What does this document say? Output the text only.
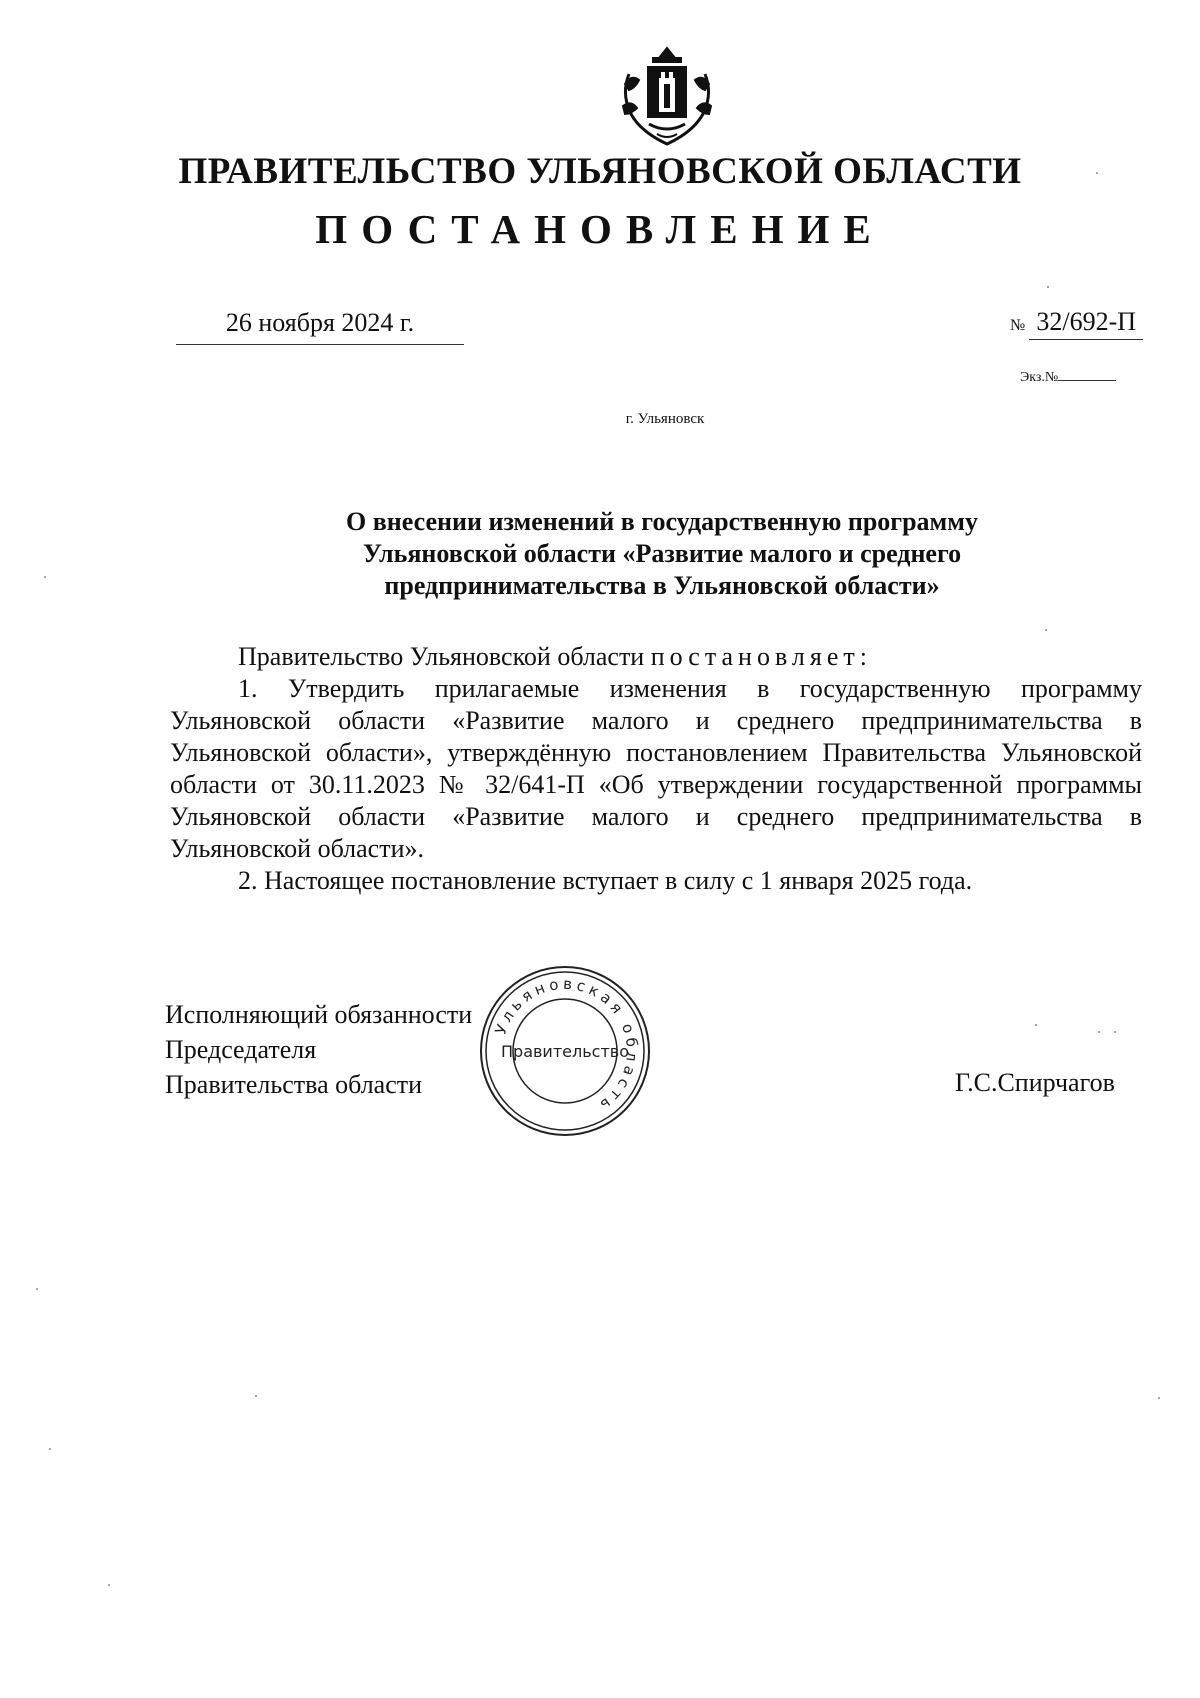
ПРАВИТЕЛЬСТВО УЛЬЯНОВСКОЙ ОБЛАСТИ
ПОСТАНОВЛЕНИЕ
26 ноября 2024 г.	№ 32/692-П
Экз.№
г. Ульяновск
О внесении изменений в государственную программу
Ульяновской области «Развитие малого и среднего
предпринимательства в Ульяновской области»

Правительство Ульяновской области постановляет:

1. Утвердить прилагаемые изменения в государственную программу Ульяновской области «Развитие малого и среднего предпринимательства в Ульяновской области», утверждённую постановлением Правительства Ульяновской области от 30.11.2023 № 32/641-П «Об утверждении государственной программы Ульяновской области «Развитие малого и среднего предпринимательства в Ульяновской области».

2. Настоящее постановление вступает в силу с 1 января 2025 года.

Исполняющий обязанности
Председателя
Правительства области	Г.С.Спирчагов
Ульяновская область
Правительство
